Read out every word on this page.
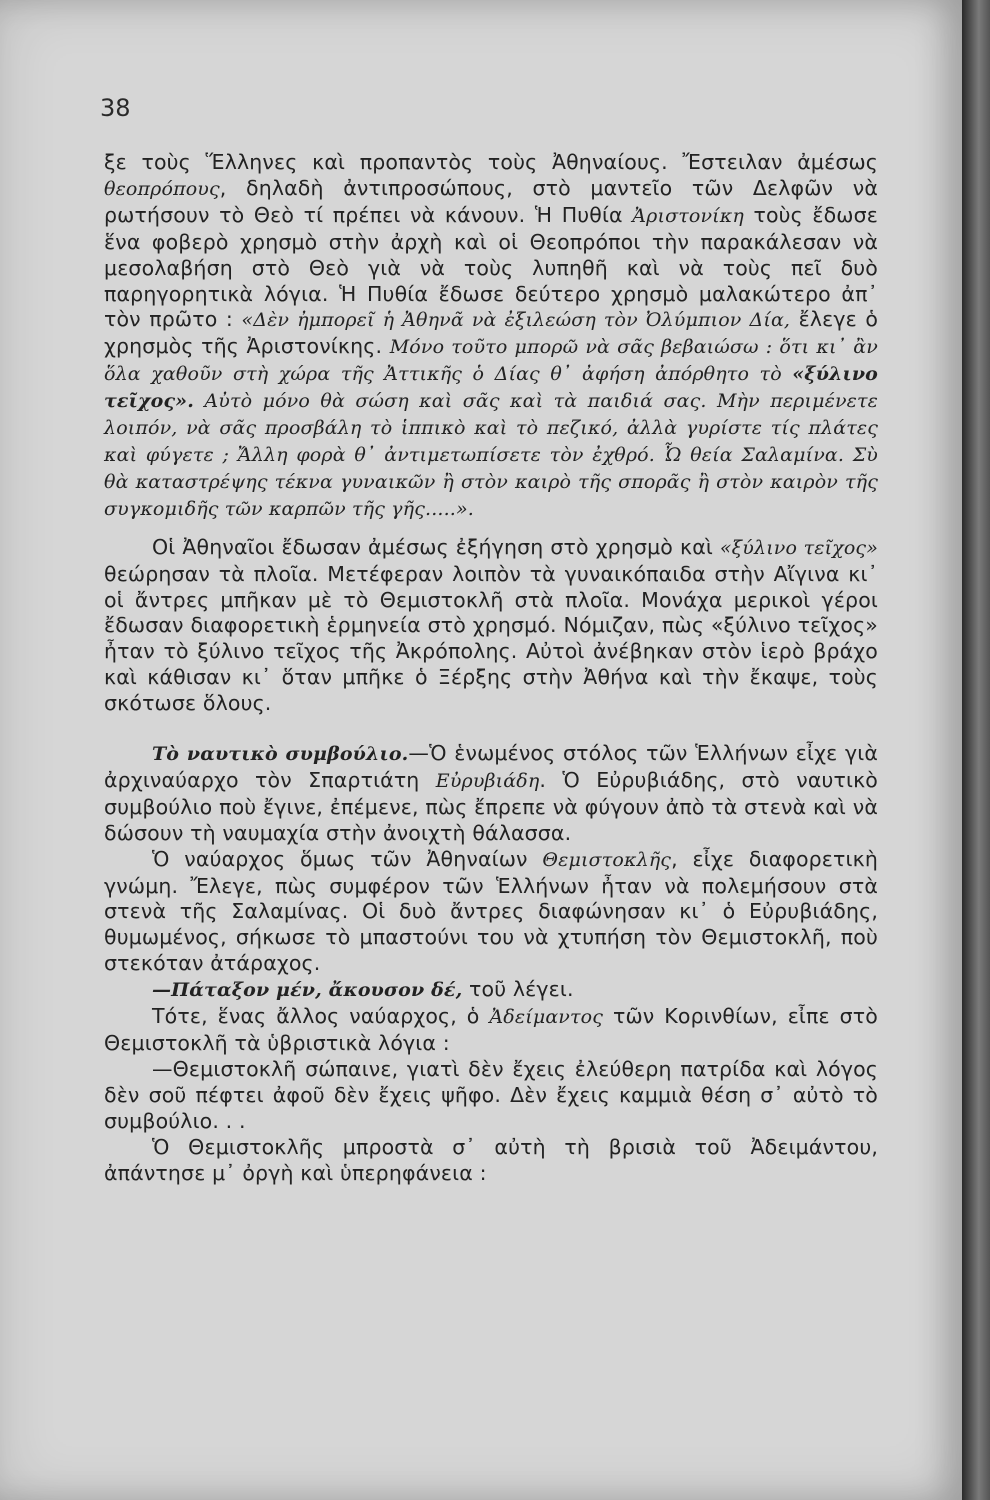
38

ξε τοὺς Ἕλληνες καὶ προπαντὸς τοὺς Ἀθηναίους. Ἔστειλαν ἀμέσως θεοπρόπους, δηλαδὴ ἀντιπροσώπους, στὸ μαντεῖο τῶν Δελφῶν νὰ ρωτήσουν τὸ Θεὸ τί πρέπει νὰ κάνουν. Ἡ Πυθία Ἀριστονίκη τοὺς ἔδωσε ἕνα φοβερὸ χρησμὸ στὴν ἀρχὴ καὶ οἱ Θεοπρόποι τὴν παρακάλεσαν νὰ μεσολαβήση στὸ Θεὸ γιὰ νὰ τοὺς λυπηθῆ καὶ νὰ τοὺς πεῖ δυὸ παρηγορητικὰ λόγια. Ἡ Πυθία ἔδωσε δεύτερο χρησμὸ μαλακώτερο ἀπ᾽ τὸν πρῶτο : «Δὲν ἠμπορεῖ ἡ Ἀθηνᾶ νὰ ἐξιλεώση τὸν Ὀλύμπιον Δία, ἔλεγε ὁ χρησμὸς τῆς Ἀριστονίκης. Μόνο τοῦτο μπορῶ νὰ σᾶς βεβαιώσω : ὅτι κι᾽ ἂν ὅλα χαθοῦν στὴ χώρα τῆς Ἀττικῆς ὁ Δίας θ᾽ ἀφήση ἀπόρθητο τὸ «ξύλινο τεῖχος». Αὐτὸ μόνο θὰ σώση καὶ σᾶς καὶ τὰ παιδιά σας. Μὴν περιμένετε λοιπόν, νὰ σᾶς προσβάλη τὸ ἱππικὸ καὶ τὸ πεζικό, ἀλλὰ γυρίστε τίς πλάτες καὶ φύγετε ; Ἄλλη φορὰ θ᾽ ἀντιμετωπίσετε τὸν ἐχθρό. Ὦ θεία Σαλαμίνα. Σὺ θὰ καταστρέψης τέκνα γυναικῶν ἢ στὸν καιρὸ τῆς σπορᾶς ἢ στὸν καιρὸν τῆς συγκομιδῆς τῶν καρπῶν τῆς γῆς.....».

Οἱ Ἀθηναῖοι ἔδωσαν ἀμέσως ἐξήγηση στὸ χρησμὸ καὶ «ξύλινο τεῖχος» θεώρησαν τὰ πλοῖα. Μετέφεραν λοιπὸν τὰ γυναικόπαιδα στὴν Αἴγινα κι᾽ οἱ ἄντρες μπῆκαν μὲ τὸ Θεμιστοκλῆ στὰ πλοῖα. Μονάχα μερικοὶ γέροι ἔδωσαν διαφορετικὴ ἑρμηνεία στὸ χρησμό. Νόμιζαν, πὼς «ξύλινο τεῖχος» ἦταν τὸ ξύλινο τεῖχος τῆς Ἀκρόπολης. Αὐτοὶ ἀνέβηκαν στὸν ἱερὸ βράχο καὶ κάθισαν κι᾽ ὅταν μπῆκε ὁ Ξέρξης στὴν Ἀθήνα καὶ τὴν ἔκαψε, τοὺς σκότωσε ὅλους.

Τὸ ναυτικὸ συμβούλιο.—Ὁ ἑνωμένος στόλος τῶν Ἑλλήνων εἶχε γιὰ ἀρχιναύαρχο τὸν Σπαρτιάτη Εὐρυβιάδη. Ὁ Εὐρυβιάδης, στὸ ναυτικὸ συμβούλιο ποὺ ἔγινε, ἐπέμενε, πὼς ἔπρεπε νὰ φύγουν ἀπὸ τὰ στενὰ καὶ νὰ δώσουν τὴ ναυμαχία στὴν ἀνοιχτὴ θάλασσα.

Ὁ ναύαρχος ὅμως τῶν Ἀθηναίων Θεμιστοκλῆς, εἶχε διαφορετικὴ γνώμη. Ἔλεγε, πὼς συμφέρον τῶν Ἑλλήνων ἦταν νὰ πολεμήσουν στὰ στενὰ τῆς Σαλαμίνας. Οἱ δυὸ ἄντρες διαφώνησαν κι᾽ ὁ Εὐρυβιάδης, θυμωμένος, σήκωσε τὸ μπαστούνι του νὰ χτυπήση τὸν Θεμιστοκλῆ, ποὺ στεκόταν ἀτάραχος.

—Πάταξον μέν, ἄκουσον δέ, τοῦ λέγει.

Τότε, ἕνας ἄλλος ναύαρχος, ὁ Ἀδείμαντος τῶν Κορινθίων, εἶπε στὸ Θεμιστοκλῆ τὰ ὑβριστικὰ λόγια :

—Θεμιστοκλῆ σώπαινε, γιατὶ δὲν ἔχεις ἐλεύθερη πατρίδα καὶ λόγος δὲν σοῦ πέφτει ἀφοῦ δὲν ἔχεις ψῆφο. Δὲν ἔχεις καμμιὰ θέση σ᾽ αὐτὸ τὸ συμβούλιο. . .

Ὁ Θεμιστοκλῆς μπροστὰ σ᾽ αὐτὴ τὴ βρισιὰ τοῦ Ἀδειμάντου, ἀπάντησε μ᾽ ὀργὴ καὶ ὑπερηφάνεια :
